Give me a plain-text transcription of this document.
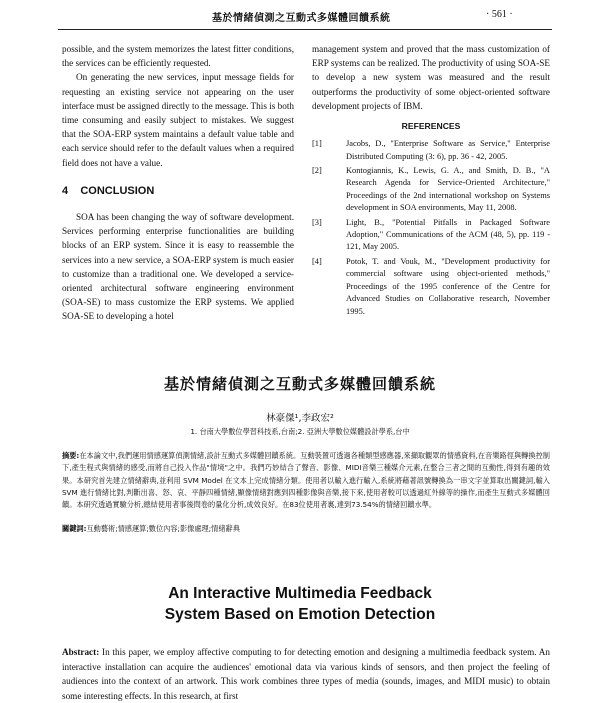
基於情緒偵測之互動式多媒體回饋系統	· 561 ·

possible, and the system memorizes the latest fitter conditions, the services can be efficiently requested.

On generating the new services, input message fields for requesting an existing service not appearing on the user interface must be assigned directly to the message. This is both time consuming and easily subject to mistakes. We suggest that the SOA-ERP system maintains a default value table and each service should refer to the default values when a required field does not have a value.

4 CONCLUSION

SOA has been changing the way of software development. Services performing enterprise functionalities are building blocks of an ERP system. Since it is easy to reassemble the services into a new service, a SOA-ERP system is much easier to customize than a traditional one. We developed a service-oriented architectural software engineering environment (SOA-SE) to mass customize the ERP systems. We applied SOA-SE to developing a hotel

management system and proved that the mass customization of ERP systems can be realized. The productivity of using SOA-SE to develop a new system was measured and the result outperforms the productivity of some object-oriented software development projects of IBM.

REFERENCES
[1]	Jacobs, D., "Enterprise Software as Service," Enterprise Distributed Computing (3: 6), pp. 36 - 42, 2005.
[2]	Kontogiannis, K., Lewis, G. A., and Smith, D. B., "A Research Agenda for Service-Oriented Architecture," Proceedings of the 2nd international workshop on Systems development in SOA environments, May 11, 2008.
[3]	Light, B., "Potential Pitfalls in Packaged Software Adoption," Communications of the ACM (48, 5), pp. 119 - 121, May 2005.
[4]	Potok, T. and Vouk, M., "Development productivity for commercial software using object-oriented methods," Proceedings of the 1995 conference of the Centre for Advanced Studies on Collaborative research, November 1995.
基於情緒偵測之互動式多媒體回饋系統
林豪傑¹,李政宏²
1. 台南大學數位學習科技系,台南;2. 亞洲大學數位媒體設計學系,台中
摘要:在本論文中,我們運用情感運算偵測情緒,設計互動式多媒體回饋系統。互動裝置可透過各種類型感應器,來擷取觀眾的情感資料,在音樂路徑與轉換控制下,產生程式與情緒的感受,而將自己投入作品"情境"之中。我們巧妙結合了聲音、影像、MIDI音樂三種媒介元素,在整合三者之間的互動性,得到有趣的效果。本研究首先建立情緒辭典,並利用 SVM Model 在文本上完成情緒分類。使用者以輸入進行輸入,系統將藉著訊號轉換為一串文字並算取出關鍵詞,輸入 SVM 進行情緒比對,判斷出喜、怒、哀、平靜四種情緒,顯像情緒對應到四種影像與音樂,接下來,使用者較可以透過紅外線等的操作,而產生互動式多媒體回饋。本研究透過實驗分析,總結使用者事後問卷的量化分析,成效良好。在83位使用者裏,達到73.54%的情緒回饋水準。
關鍵詞:互動藝術;情感運算;數位內容;影像處理;情緒辭典
An Interactive Multimedia Feedback
System Based on Emotion Detection
Abstract: In this paper, we employ affective computing to for detecting emotion and designing a multimedia feedback system. An interactive installation can acquire the audiences' emotional data via various kinds of sensors, and then project the feeling of audiences into the context of an artwork. This work combines three types of media (sounds, images, and MIDI music) to obtain some interesting effects. In this research, at first
